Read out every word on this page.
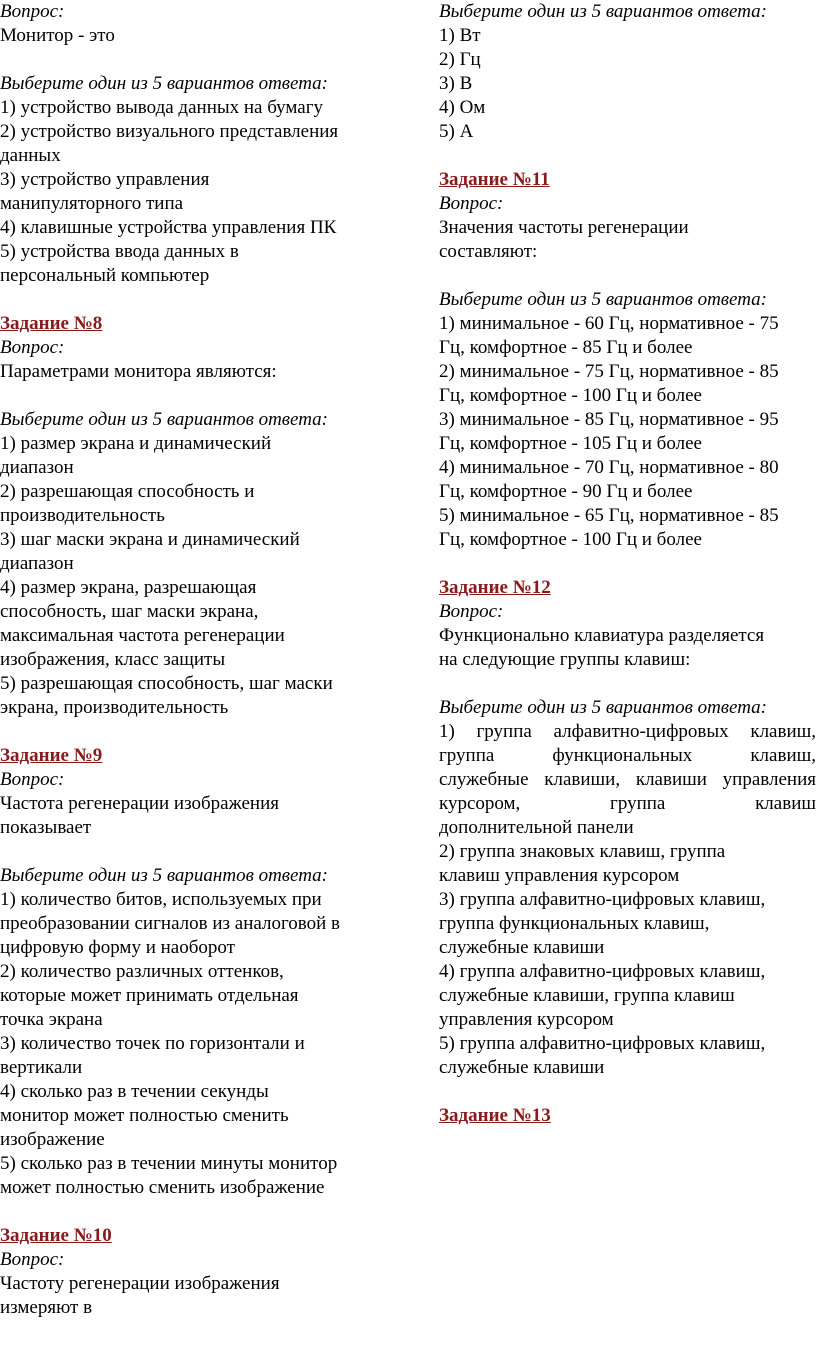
Вопрос:
Монитор - это
Выберите один из 5 вариантов ответа:
1) устройство вывода данных на бумагу
2) устройство визуального представления
данных
3) устройство управления
манипуляторного типа
4) клавишные устройства управления ПК
5) устройства ввода данных в
персональный компьютер
Задание №8
Вопрос:
Параметрами монитора являются:
Выберите один из 5 вариантов ответа:
1) размер экрана и динамический
диапазон
2) разрешающая способность и
производительность
3) шаг маски экрана и динамический
диапазон
4) размер экрана, разрешающая
способность, шаг маски экрана,
максимальная частота регенерации
изображения, класс защиты
5) разрешающая способность, шаг маски
экрана, производительность
Задание №9
Вопрос:
Частота регенерации изображения
показывает
Выберите один из 5 вариантов ответа:
1) количество битов, используемых при
преобразовании сигналов из аналоговой в
цифровую форму и наоборот
2) количество различных оттенков,
которые может принимать отдельная
точка экрана
3) количество точек по горизонтали и
вертикали
4) сколько раз в течении секунды
монитор может полностью сменить
изображение
5) сколько раз в течении минуты монитор
может полностью сменить изображение
Задание №10
Вопрос:
Частоту регенерации изображения
измеряют в
Выберите один из 5 вариантов ответа:
1) Вт
2) Гц
3) В
4) Ом
5) А
Задание №11
Вопрос:
Значения частоты регенерации
составляют:
Выберите один из 5 вариантов ответа:
1) минимальное - 60 Гц, нормативное - 75
Гц, комфортное - 85 Гц и более
2) минимальное - 75 Гц, нормативное - 85
Гц, комфортное - 100 Гц и более
3) минимальное - 85 Гц, нормативное - 95
Гц, комфортное - 105 Гц и более
4) минимальное - 70 Гц, нормативное - 80
Гц, комфортное - 90 Гц и более
5) минимальное - 65 Гц, нормативное - 85
Гц, комфортное - 100 Гц и более
Задание №12
Вопрос:
Функционально клавиатура разделяется
на следующие группы клавиш:
Выберите один из 5 вариантов ответа:
1) группа алфавитно-цифровых клавиш,
группа функциональных клавиш,
служебные клавиши, клавиши управления
курсором, группа клавиш
дополнительной панели
2) группа знаковых клавиш, группа
клавиш управления курсором
3) группа алфавитно-цифровых клавиш,
группа функциональных клавиш,
служебные клавиши
4) группа алфавитно-цифровых клавиш,
служебные клавиши, группа клавиш
управления курсором
5) группа алфавитно-цифровых клавиш,
служебные клавиши
Задание №13
